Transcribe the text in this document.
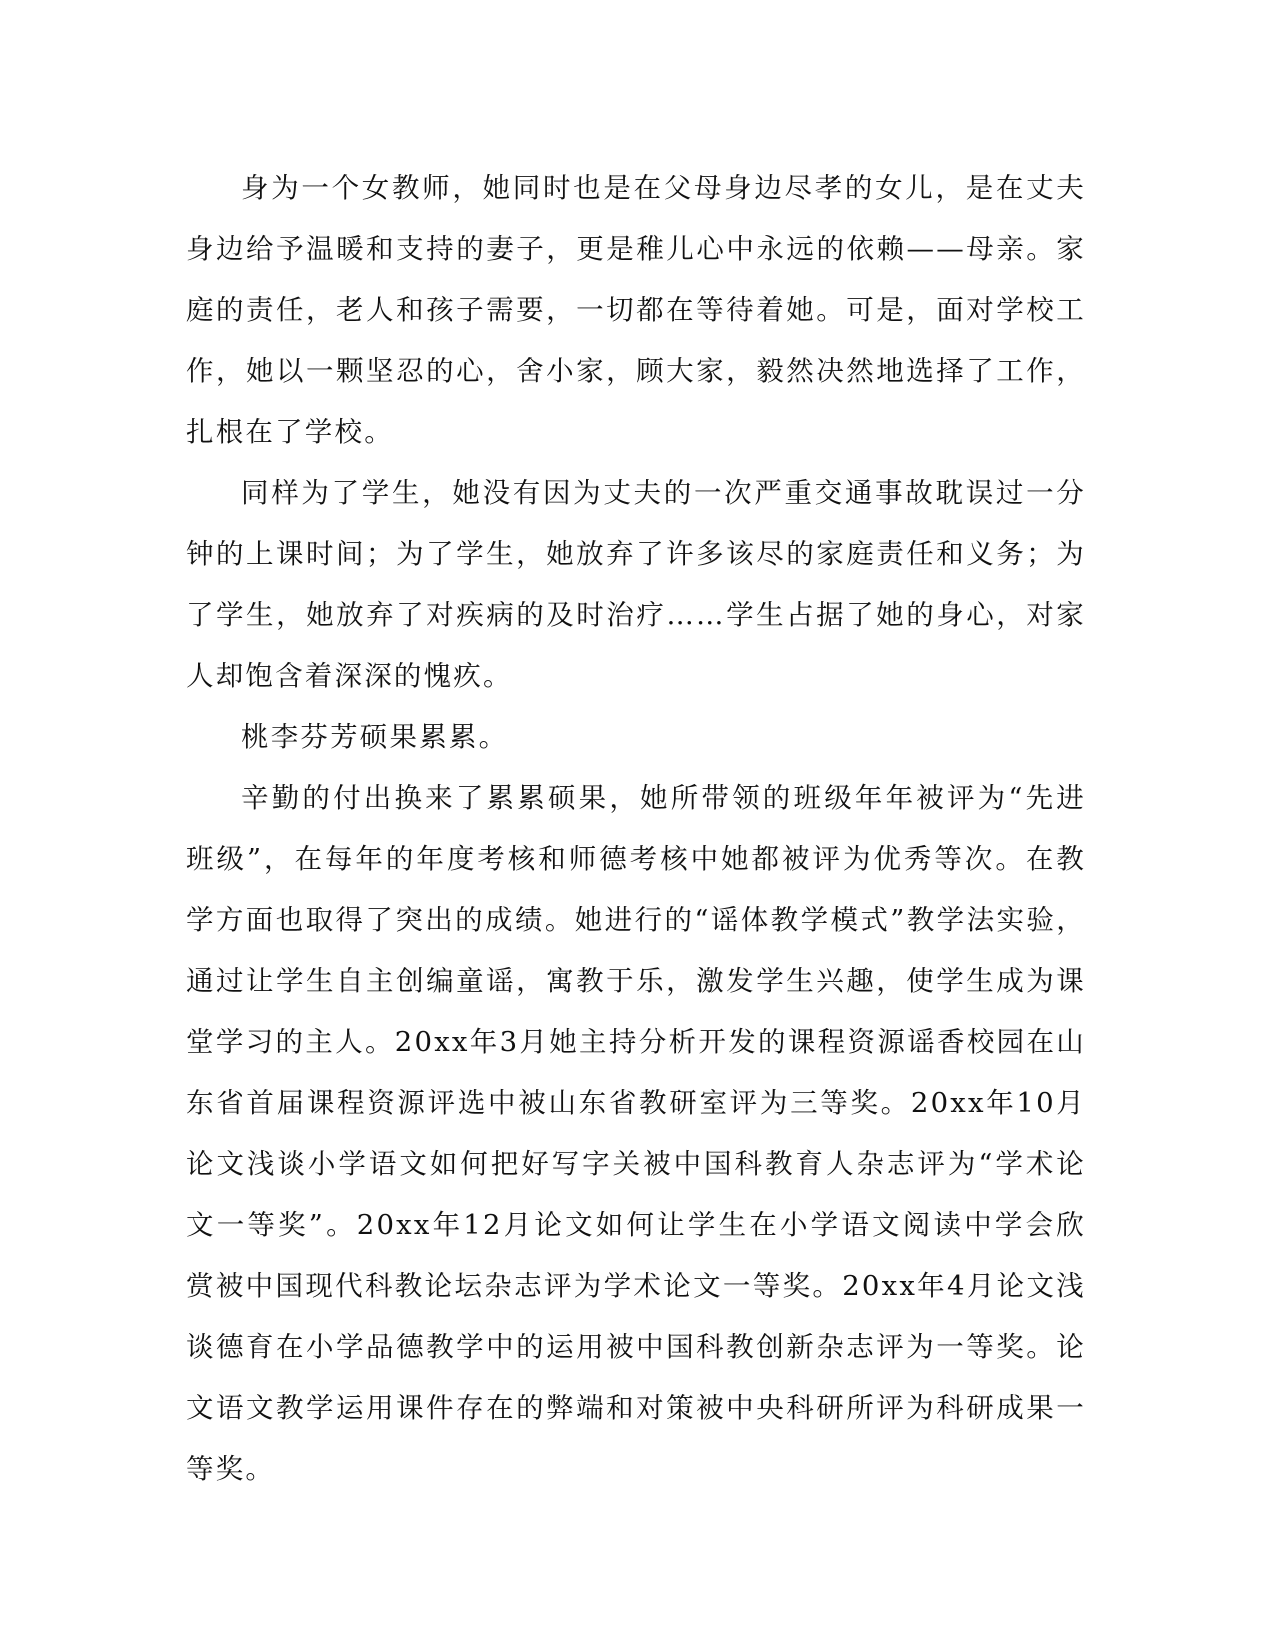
身为一个女教师，她同时也是在父母身边尽孝的女儿，是在丈夫身边给予温暖和支持的妻子，更是稚儿心中永远的依赖——母亲。家庭的责任，老人和孩子需要，一切都在等待着她。可是，面对学校工作，她以一颗坚忍的心，舍小家，顾大家，毅然决然地选择了工作，扎根在了学校。

同样为了学生，她没有因为丈夫的一次严重交通事故耽误过一分钟的上课时间；为了学生，她放弃了许多该尽的家庭责任和义务；为了学生，她放弃了对疾病的及时治疗……学生占据了她的身心，对家人却饱含着深深的愧疚。

桃李芬芳硕果累累。

辛勤的付出换来了累累硕果，她所带领的班级年年被评为“先进班级”，在每年的年度考核和师德考核中她都被评为优秀等次。在教学方面也取得了突出的成绩。她进行的“谣体教学模式”教学法实验，通过让学生自主创编童谣，寓教于乐，激发学生兴趣，使学生成为课堂学习的主人。20xx年3月她主持分析开发的课程资源谣香校园在山东省首届课程资源评选中被山东省教研室评为三等奖。20xx年10月论文浅谈小学语文如何把好写字关被中国科教育人杂志评为“学术论文一等奖”。20xx年12月论文如何让学生在小学语文阅读中学会欣赏被中国现代科教论坛杂志评为学术论文一等奖。20xx年4月论文浅谈德育在小学品德教学中的运用被中国科教创新杂志评为一等奖。论文语文教学运用课件存在的弊端和对策被中央科研所评为科研成果一等奖。
